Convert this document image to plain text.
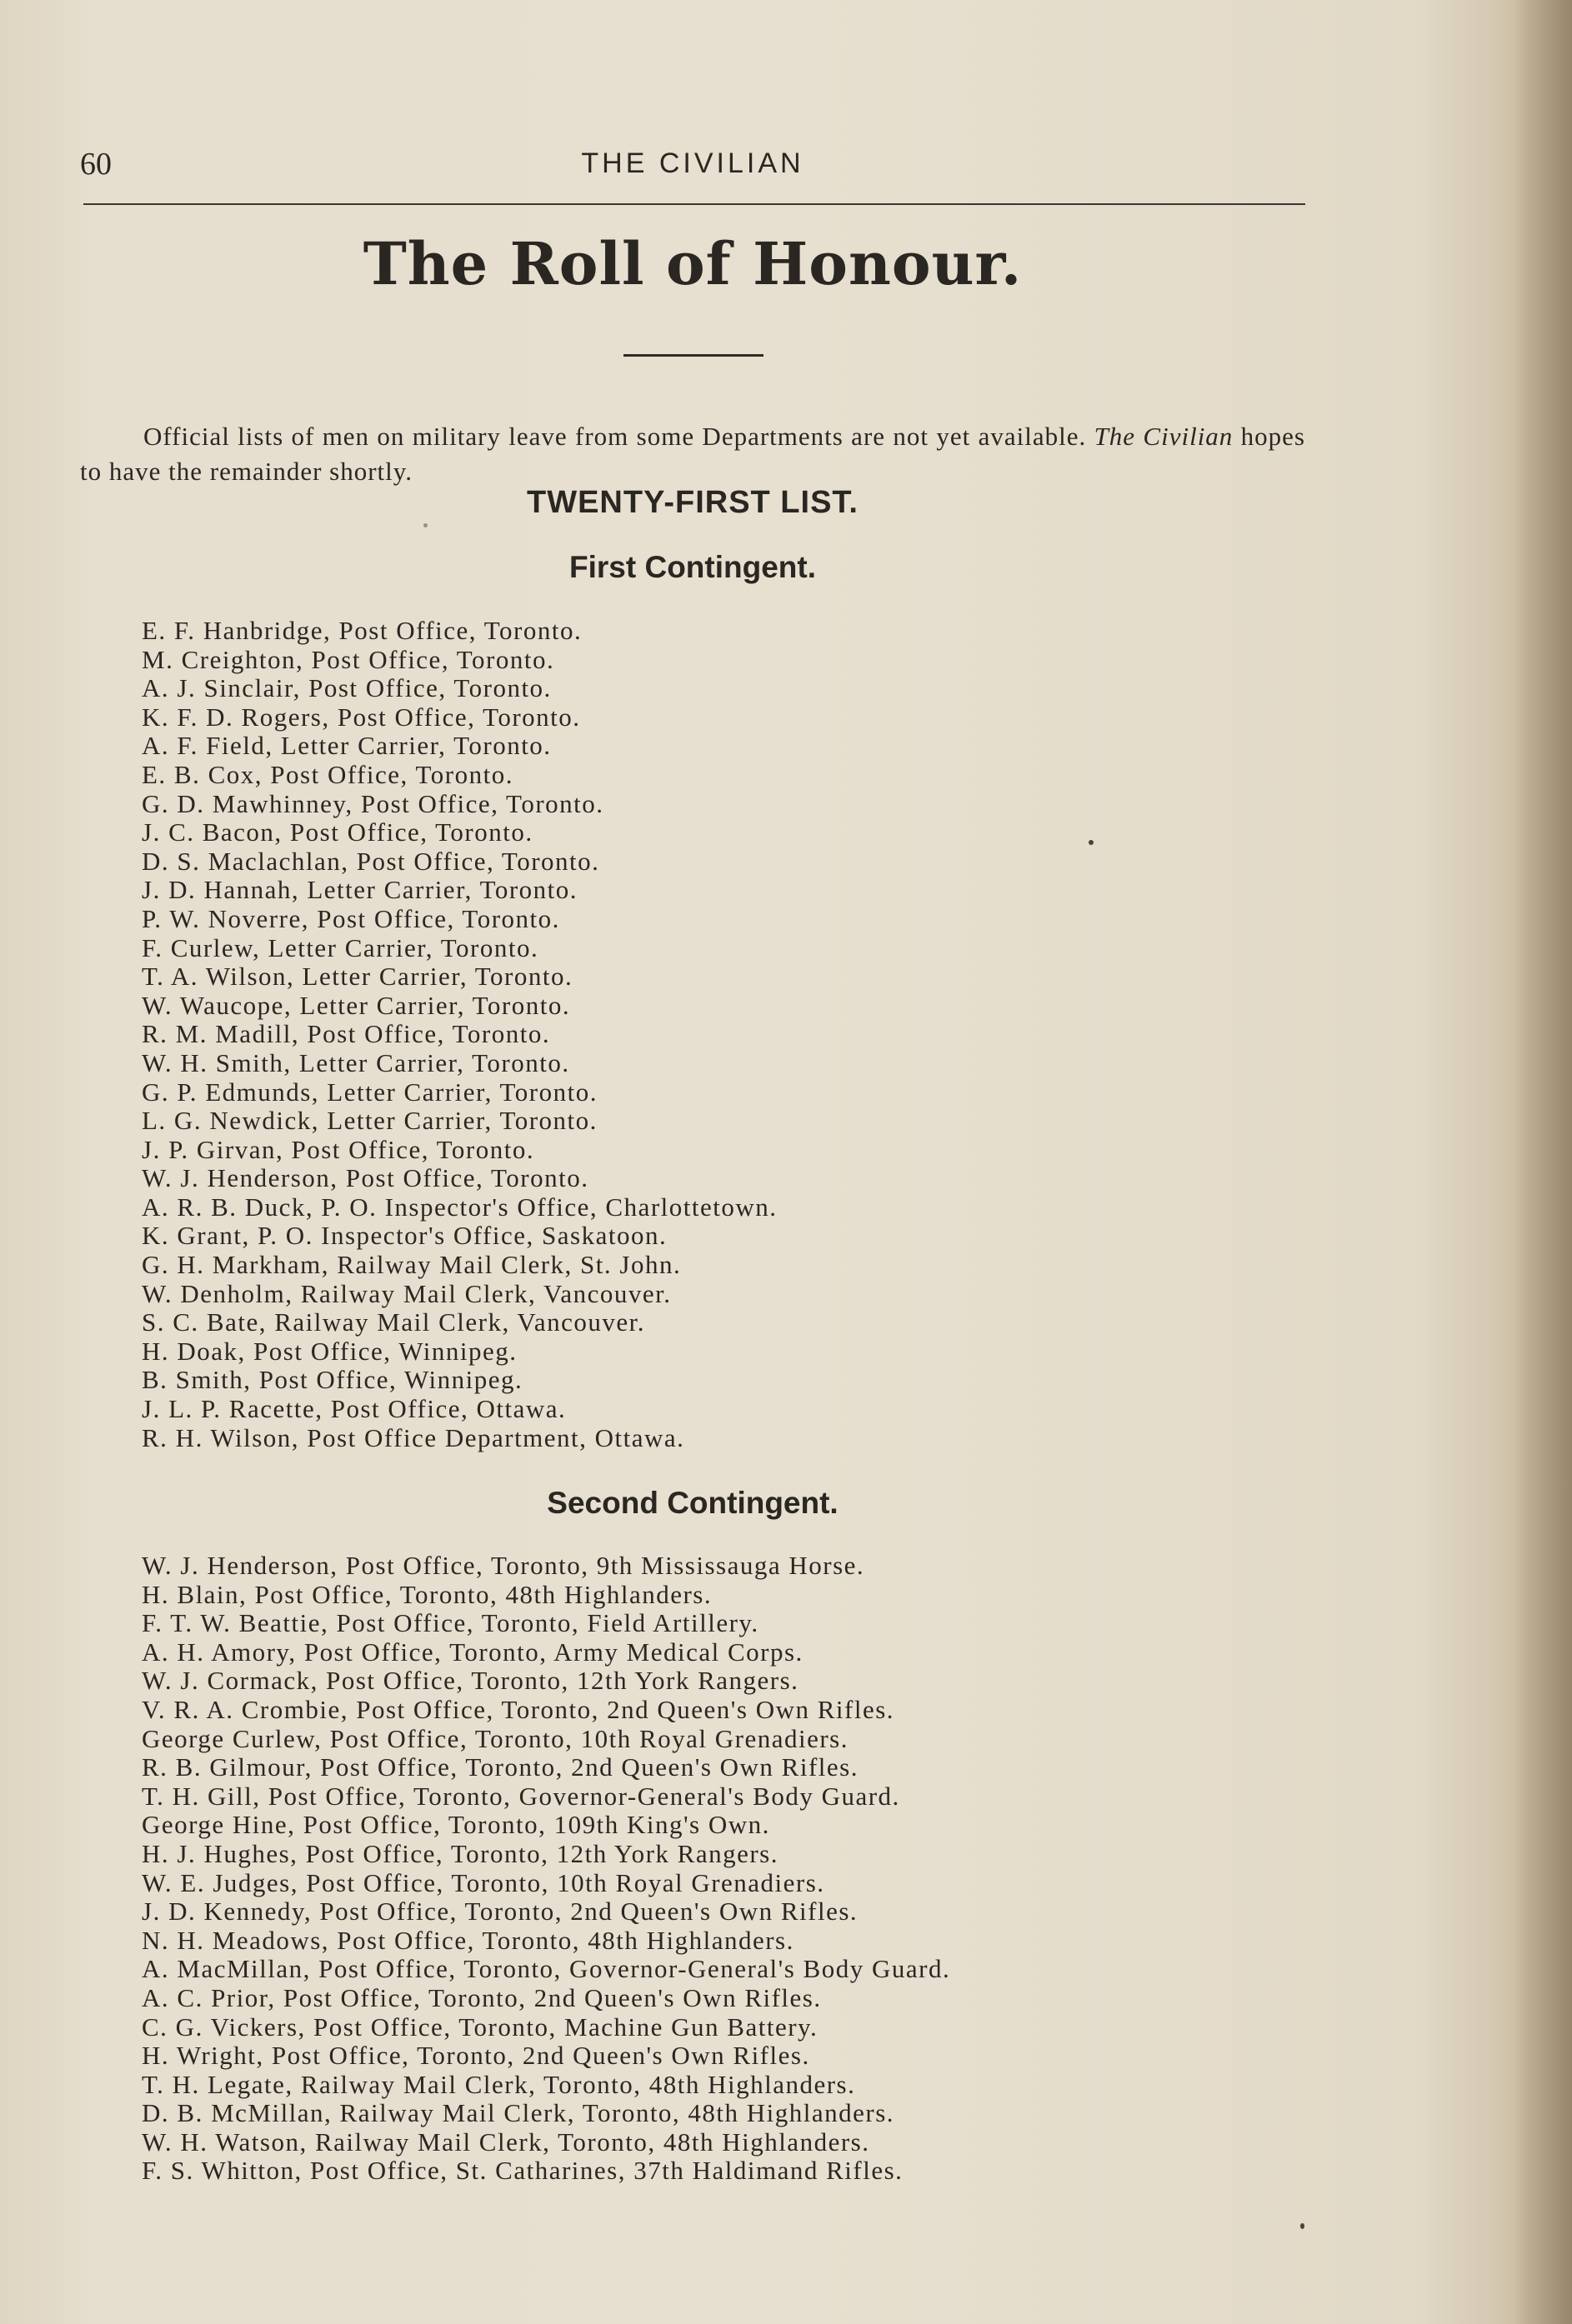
60	THE CIVILIAN
The Roll of Honour.

Official lists of men on military leave from some Departments are not yet available. The Civilian hopes to have the remainder shortly.

TWENTY-FIRST LIST.
First Contingent.
E. F. Hanbridge, Post Office, Toronto.
M. Creighton, Post Office, Toronto.
A. J. Sinclair, Post Office, Toronto.
K. F. D. Rogers, Post Office, Toronto.
A. F. Field, Letter Carrier, Toronto.
E. B. Cox, Post Office, Toronto.
G. D. Mawhinney, Post Office, Toronto.
J. C. Bacon, Post Office, Toronto.
D. S. Maclachlan, Post Office, Toronto.
J. D. Hannah, Letter Carrier, Toronto.
P. W. Noverre, Post Office, Toronto.
F. Curlew, Letter Carrier, Toronto.
T. A. Wilson, Letter Carrier, Toronto.
W. Waucope, Letter Carrier, Toronto.
R. M. Madill, Post Office, Toronto.
W. H. Smith, Letter Carrier, Toronto.
G. P. Edmunds, Letter Carrier, Toronto.
L. G. Newdick, Letter Carrier, Toronto.
J. P. Girvan, Post Office, Toronto.
W. J. Henderson, Post Office, Toronto.
A. R. B. Duck, P. O. Inspector's Office, Charlottetown.
K. Grant, P. O. Inspector's Office, Saskatoon.
G. H. Markham, Railway Mail Clerk, St. John.
W. Denholm, Railway Mail Clerk, Vancouver.
S. C. Bate, Railway Mail Clerk, Vancouver.
H. Doak, Post Office, Winnipeg.
B. Smith, Post Office, Winnipeg.
J. L. P. Racette, Post Office, Ottawa.
R. H. Wilson, Post Office Department, Ottawa.
Second Contingent.
W. J. Henderson, Post Office, Toronto, 9th Mississauga Horse.
H. Blain, Post Office, Toronto, 48th Highlanders.
F. T. W. Beattie, Post Office, Toronto, Field Artillery.
A. H. Amory, Post Office, Toronto, Army Medical Corps.
W. J. Cormack, Post Office, Toronto, 12th York Rangers.
V. R. A. Crombie, Post Office, Toronto, 2nd Queen's Own Rifles.
George Curlew, Post Office, Toronto, 10th Royal Grenadiers.
R. B. Gilmour, Post Office, Toronto, 2nd Queen's Own Rifles.
T. H. Gill, Post Office, Toronto, Governor-General's Body Guard.
George Hine, Post Office, Toronto, 109th King's Own.
H. J. Hughes, Post Office, Toronto, 12th York Rangers.
W. E. Judges, Post Office, Toronto, 10th Royal Grenadiers.
J. D. Kennedy, Post Office, Toronto, 2nd Queen's Own Rifles.
N. H. Meadows, Post Office, Toronto, 48th Highlanders.
A. MacMillan, Post Office, Toronto, Governor-General's Body Guard.
A. C. Prior, Post Office, Toronto, 2nd Queen's Own Rifles.
C. G. Vickers, Post Office, Toronto, Machine Gun Battery.
H. Wright, Post Office, Toronto, 2nd Queen's Own Rifles.
T. H. Legate, Railway Mail Clerk, Toronto, 48th Highlanders.
D. B. McMillan, Railway Mail Clerk, Toronto, 48th Highlanders.
W. H. Watson, Railway Mail Clerk, Toronto, 48th Highlanders.
F. S. Whitton, Post Office, St. Catharines, 37th Haldimand Rifles.
